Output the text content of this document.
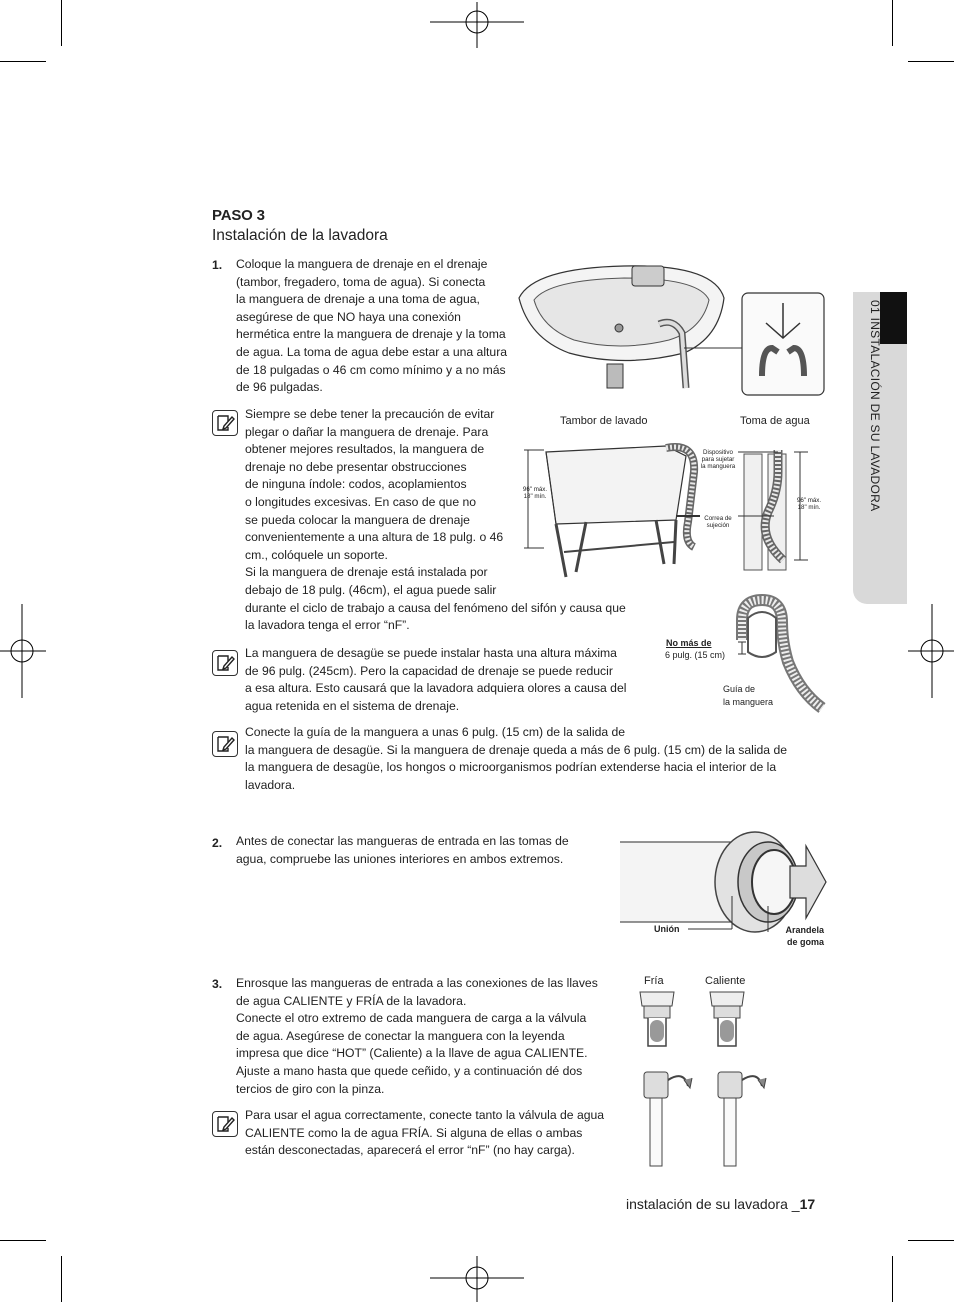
01 INSTALACIÓN DE SU LAVADORA
PASO 3
Instalación de la lavadora
1. Coloque la manguera de drenaje en el drenaje
(tambor, fregadero, toma de agua). Si conecta
la manguera de drenaje a una toma de agua,
asegúrese de que NO haya una conexión
hermética entre la manguera de drenaje y la toma
de agua. La toma de agua debe estar a una altura
de 18 pulgadas o 46 cm como mínimo y a no más
de 96 pulgadas.
Siempre se debe tener la precaución de evitar
plegar o dañar la manguera de drenaje. Para
obtener mejores resultados, la manguera de
drenaje no debe presentar obstrucciones
de ninguna índole: codos, acoplamientos
o longitudes excesivas. En caso de que no
se pueda colocar la manguera de drenaje
convenientemente a una altura de 18 pulg. o 46
cm., colóquele un soporte.
Si la manguera de drenaje está instalada por
debajo de 18 pulg. (46cm), el agua puede salir
durante el ciclo de trabajo a causa del fenómeno del sifón y causa que
la lavadora tenga el error “nF”.
La manguera de desagüe se puede instalar hasta una altura máxima
de 96 pulg. (245cm). Pero la capacidad de drenaje se puede reducir
a esa altura. Esto causará que la lavadora adquiera olores a causa del
agua retenida en el sistema de drenaje.
Conecte la guía de la manguera a unas 6 pulg. (15 cm) de la salida de
la manguera de desagüe. Si la manguera de drenaje queda a más de 6 pulg. (15 cm) de la salida de
la manguera de desagüe, los hongos o microorganismos podrían extenderse hacia el interior de la
lavadora.
2. Antes de conectar las mangueras de entrada en las tomas de
agua, compruebe las uniones interiores en ambos extremos.
3. Enrosque las mangueras de entrada a las conexiones de las llaves
de agua CALIENTE y FRÍA de la lavadora.
Conecte el otro extremo de cada manguera de carga a la válvula
de agua. Asegúrese de conectar la manguera con la leyenda
impresa que dice “HOT” (Caliente) a la llave de agua CALIENTE.
Ajuste a mano hasta que quede ceñido, y a continuación dé dos
tercios de giro con la pinza.
Para usar el agua correctamente, conecte tanto la válvula de agua
CALIENTE como la de agua FRÍA. Si alguna de ellas o ambas
están desconectadas, aparecerá el error “nF” (no hay carga).
Tambor de lavado	Toma de agua
96" máx.
18" mín.
Dispositivo
para sujetar
la manguera
Correa de
sujeción
96" máx.
18" mín.
No más de
6 pulg. (15 cm)
Guía de
la manguera
Unión	Arandela
de goma
Fría	Caliente
instalación de su lavadora _17
